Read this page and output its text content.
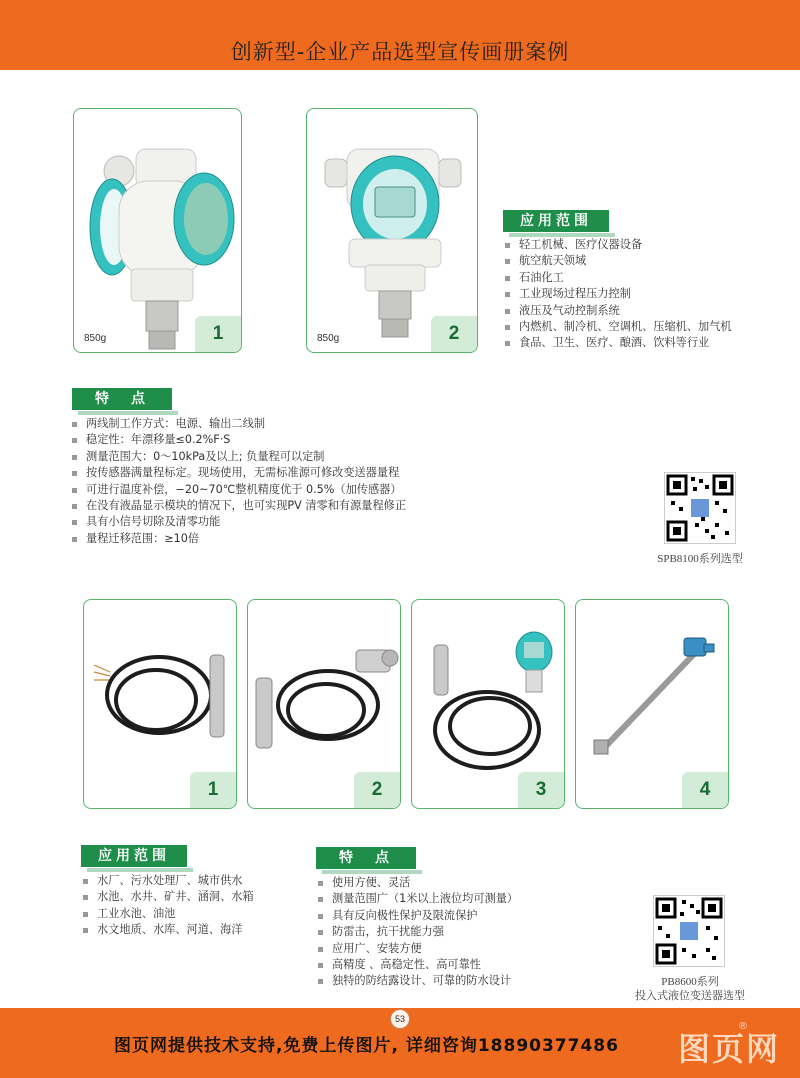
创新型-企业产品选型宣传画册案例
850g	1	850g	2
应用范围
轻工机械、医疗仪器设备
航空航天领域
石油化工
工业现场过程压力控制
液压及气动控制系统
内燃机、制冷机、空调机、压缩机、加气机
食品、卫生、医疗、酿酒、饮料等行业
特　点
两线制工作方式：电源、输出二线制
稳定性：年漂移量≤0.2%F·S
测量范围大：0～10kPa及以上; 负量程可以定制
按传感器满量程标定。现场使用，无需标准源可修改变送器量程
可进行温度补偿，−20~70℃整机精度优于 0.5%（加传感器）
在没有液晶显示模块的情况下，也可实现PV 清零和有源量程修正
具有小信号切除及清零功能
量程迁移范围：≥10倍
SPB8100系列选型
1	2	3	4
应用范围
水厂、污水处理厂、城市供水
水池、水井、矿井、涵洞、水箱
工业水池、油池
水文地质、水库、河道、海洋
特　点
使用方便、灵活
测量范围广（1米以上液位均可测量）
具有反向极性保护及限流保护
防雷击，抗干扰能力强
应用广、安装方便
高精度 、高稳定性、高可靠性
独特的防结露设计、可靠的防水设计	PB8600系列
投入式液位变送器选型
53
图页网提供技术支持,免费上传图片, 详细咨询18890377486 图页网
®
